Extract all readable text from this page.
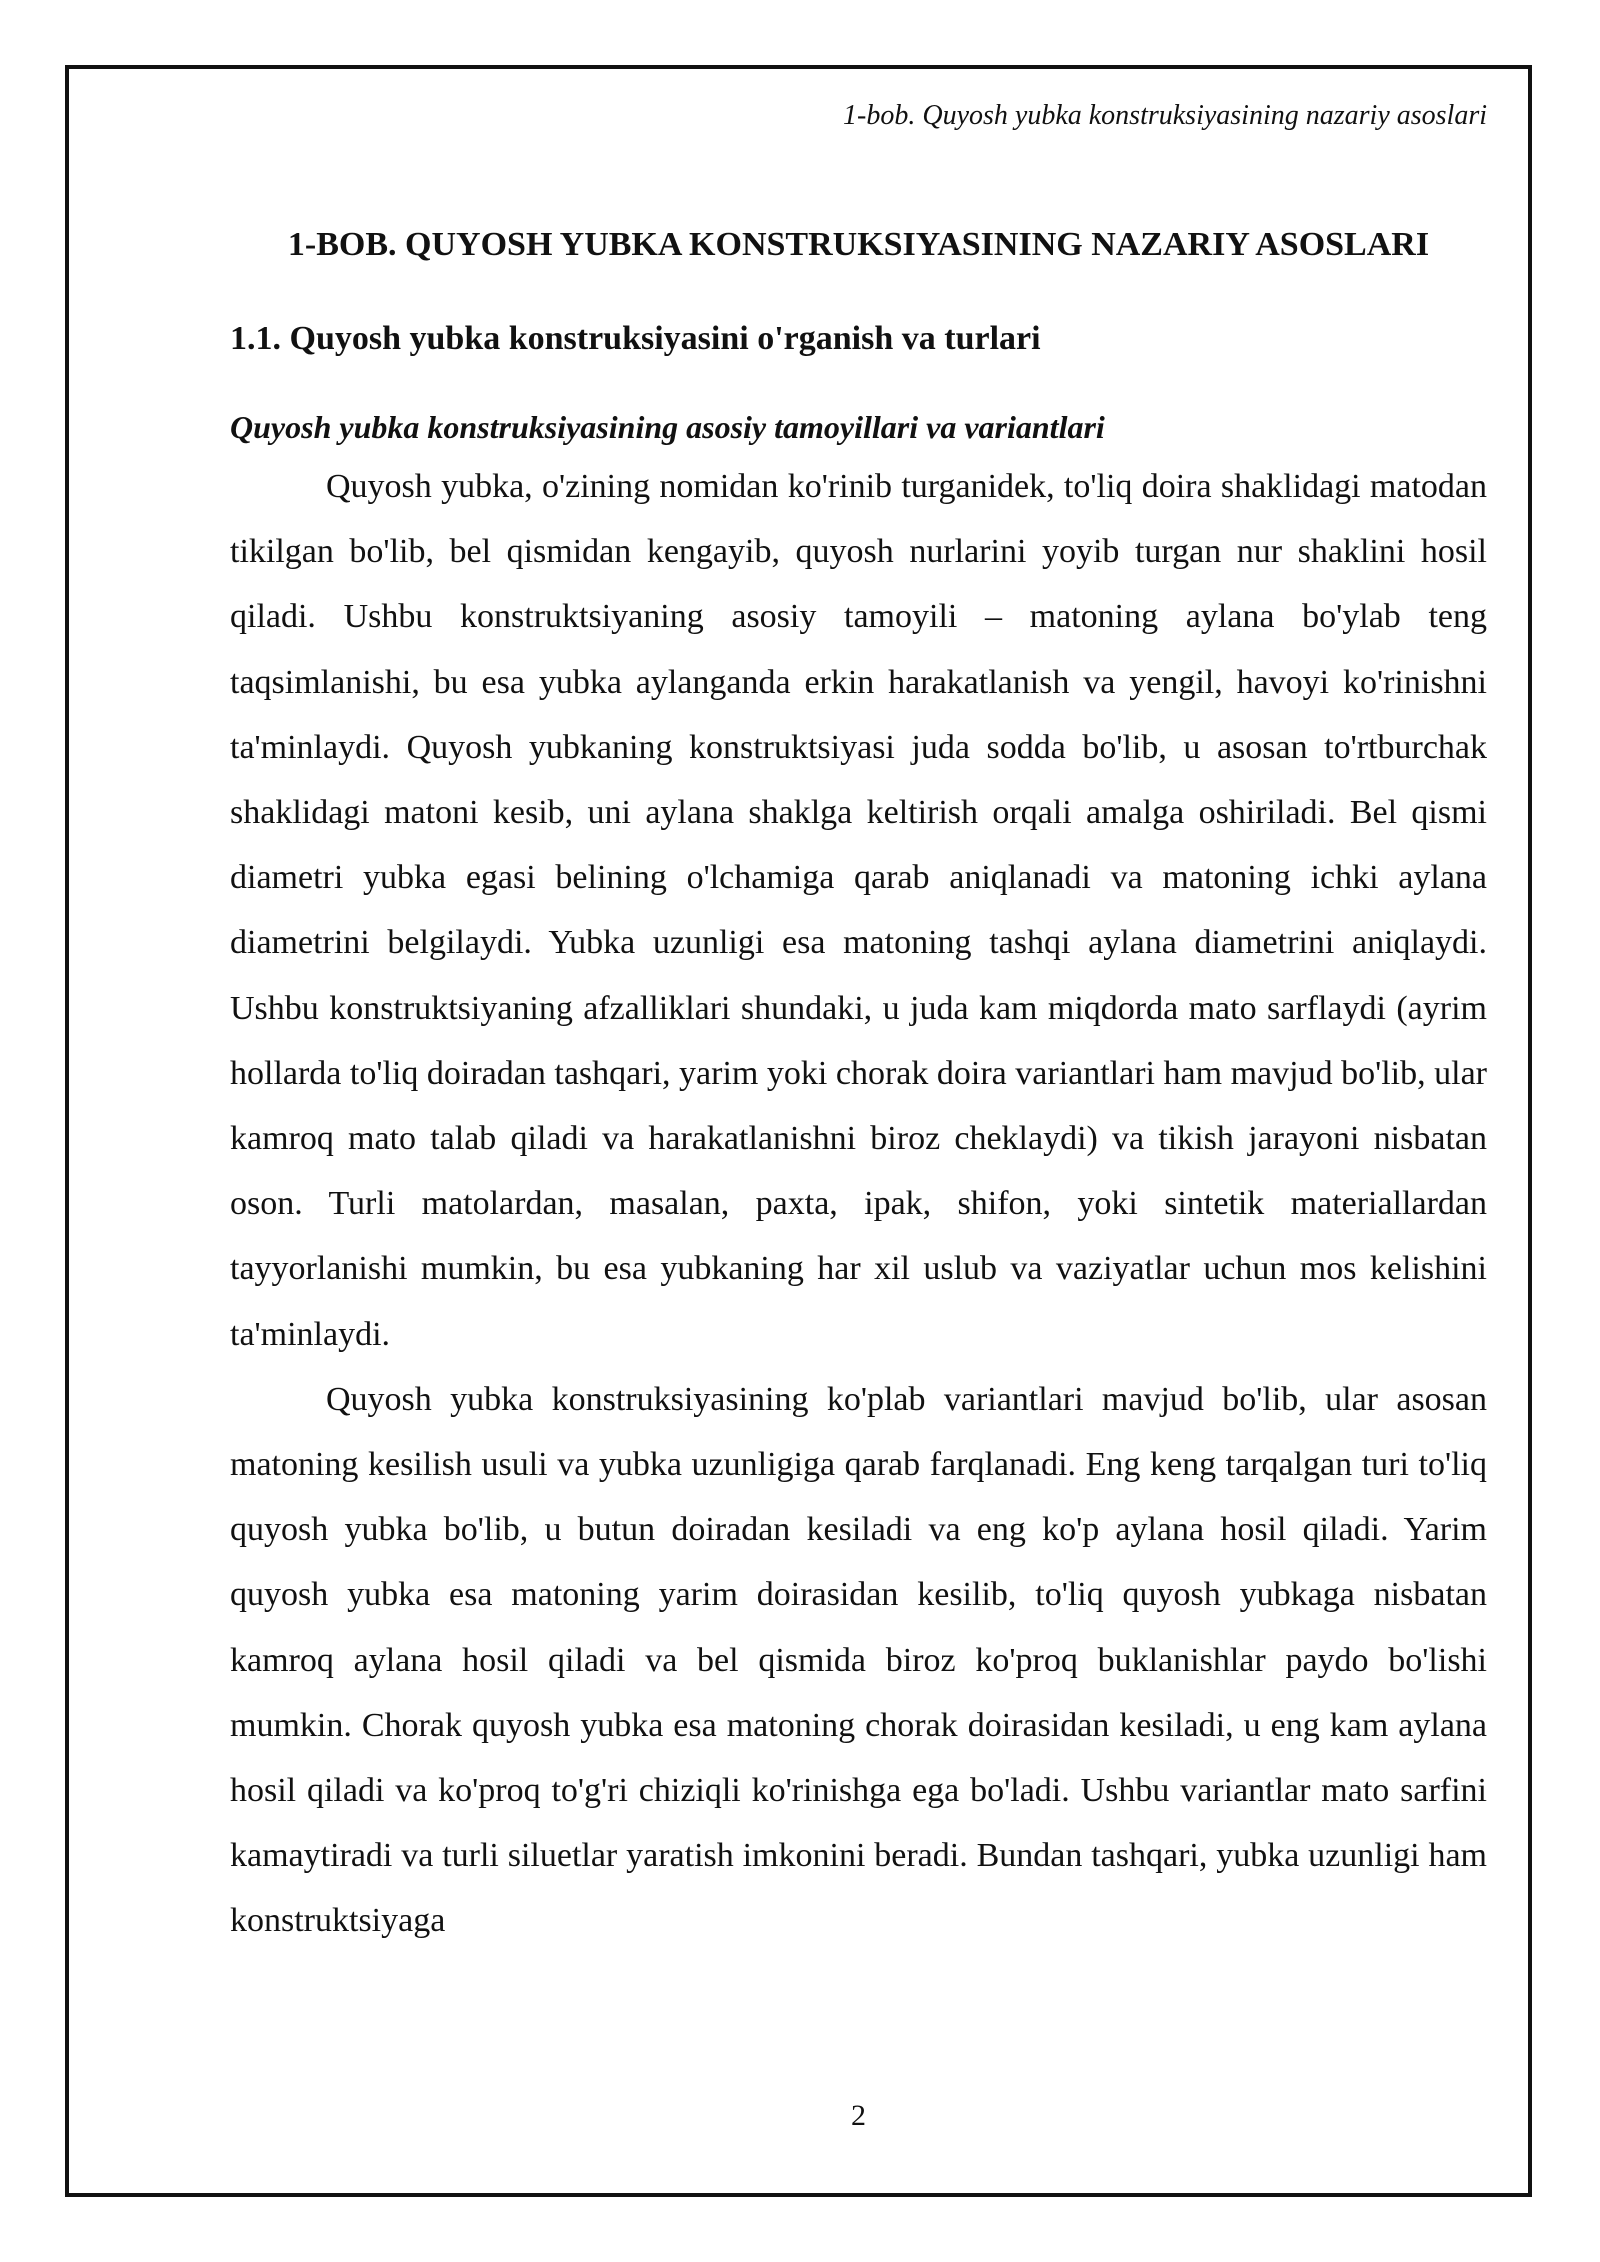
1-bob. Quyosh yubka konstruksiyasining nazariy asoslari
1-BOB. QUYOSH YUBKA KONSTRUKSIYASINING NAZARIY ASOSLARI
1.1. Quyosh yubka konstruksiyasini o'rganish va turlari
Quyosh yubka konstruksiyasining asosiy tamoyillari va variantlari

Quyosh yubka, o'zining nomidan ko'rinib turganidek, to'liq doira shaklidagi matodan tikilgan bo'lib, bel qismidan kengayib, quyosh nurlarini yoyib turgan nur shaklini hosil qiladi. Ushbu konstruktsiyaning asosiy tamoyili – matoning aylana bo'ylab teng taqsimlanishi, bu esa yubka aylanganda erkin harakatlanish va yengil, havoyi ko'rinishni ta'minlaydi. Quyosh yubkaning konstruktsiyasi juda sodda bo'lib, u asosan to'rtburchak shaklidagi matoni kesib, uni aylana shaklga keltirish orqali amalga oshiriladi. Bel qismi diametri yubka egasi belining o'lchamiga qarab aniqlanadi va matoning ichki aylana diametrini belgilaydi. Yubka uzunligi esa matoning tashqi aylana diametrini aniqlaydi. Ushbu konstruktsiyaning afzalliklari shundaki, u juda kam miqdorda mato sarflaydi (ayrim hollarda to'liq doiradan tashqari, yarim yoki chorak doira variantlari ham mavjud bo'lib, ular kamroq mato talab qiladi va harakatlanishni biroz cheklaydi) va tikish jarayoni nisbatan oson. Turli matolardan, masalan, paxta, ipak, shifon, yoki sintetik materiallardan tayyorlanishi mumkin, bu esa yubkaning har xil uslub va vaziyatlar uchun mos kelishini ta'minlaydi.

Quyosh yubka konstruksiyasining ko'plab variantlari mavjud bo'lib, ular asosan matoning kesilish usuli va yubka uzunligiga qarab farqlanadi. Eng keng tarqalgan turi to'liq quyosh yubka bo'lib, u butun doiradan kesiladi va eng ko'p aylana hosil qiladi. Yarim quyosh yubka esa matoning yarim doirasidan kesilib, to'liq quyosh yubkaga nisbatan kamroq aylana hosil qiladi va bel qismida biroz ko'proq buklanishlar paydo bo'lishi mumkin. Chorak quyosh yubka esa matoning chorak doirasidan kesiladi, u eng kam aylana hosil qiladi va ko'proq to'g'ri chiziqli ko'rinishga ega bo'ladi. Ushbu variantlar mato sarfini kamaytiradi va turli siluetlar yaratish imkonini beradi. Bundan tashqari, yubka uzunligi ham konstruktsiyaga

2
